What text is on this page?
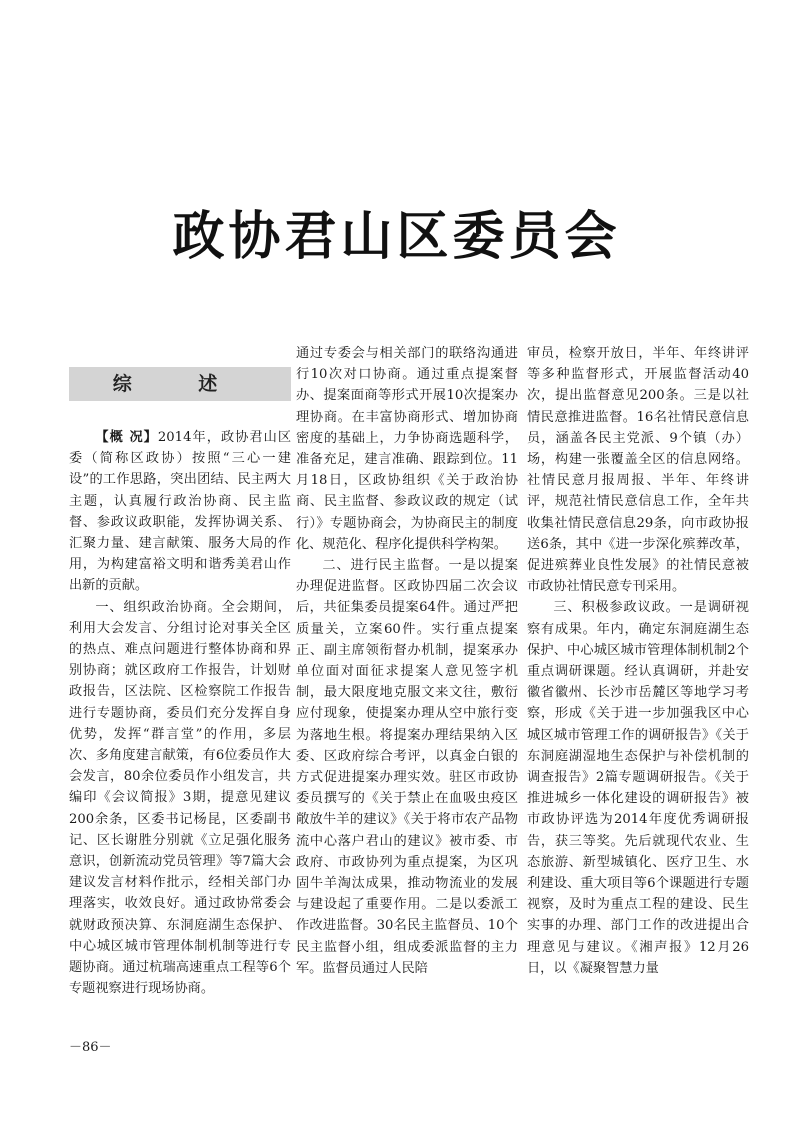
政协君山区委员会
综 述

【概 况】2014年，政协君山区委（简称区政协）按照“三心一建设”的工作思路，突出团结、民主两大主题，认真履行政治协商、民主监督、参政议政职能，发挥协调关系、汇聚力量、建言献策、服务大局的作用，为构建富裕文明和谐秀美君山作出新的贡献。

一、组织政治协商。全会期间，利用大会发言、分组讨论对事关全区的热点、难点问题进行整体协商和界别协商；就区政府工作报告，计划财政报告，区法院、区检察院工作报告进行专题协商，委员们充分发挥自身优势，发挥“群言堂”的作用，多层次、多角度建言献策，有6位委员作大会发言，80余位委员作小组发言，共编印《会议简报》3期，提意见建议200余条，区委书记杨昆，区委副书记、区长谢胜分别就《立足强化服务意识，创新流动党员管理》等7篇大会建议发言材料作批示，经相关部门办理落实，收效良好。通过政协常委会就财政预决算、东洞庭湖生态保护、中心城区城市管理体制机制等进行专题协商。通过杭瑞高速重点工程等6个专题视察进行现场协商。

通过专委会与相关部门的联络沟通进行10次对口协商。通过重点提案督办、提案面商等形式开展10次提案办理协商。在丰富协商形式、增加协商密度的基础上，力争协商选题科学，准备充足，建言准确、跟踪到位。11月18日，区政协组织《关于政治协商、民主监督、参政议政的规定（试行）》专题协商会，为协商民主的制度化、规范化、程序化提供科学构架。

二、进行民主监督。一是以提案办理促进监督。区政协四届二次会议后，共征集委员提案64件。通过严把质量关，立案60件。实行重点提案正、副主席领衔督办机制，提案承办单位面对面征求提案人意见签字机制，最大限度地克服文来文往，敷衍应付现象，使提案办理从空中旅行变为落地生根。将提案办理结果纳入区委、区政府综合考评，以真金白银的方式促进提案办理实效。驻区市政协委员撰写的《关于禁止在血吸虫疫区敞放牛羊的建议》《关于将市农产品物流中心落户君山的建议》被市委、市政府、市政协列为重点提案，为区巩固牛羊淘汰成果，推动物流业的发展与建设起了重要作用。二是以委派工作改进监督。30名民主监督员、10个民主监督小组，组成委派监督的主力军。监督员通过人民陪

审员，检察开放日，半年、年终讲评等多种监督形式，开展监督活动40次，提出监督意见200条。三是以社情民意推进监督。16名社情民意信息员，涵盖各民主党派、9个镇（办）场，构建一张覆盖全区的信息网络。社情民意月报周报、半年、年终讲评，规范社情民意信息工作，全年共收集社情民意信息29条，向市政协报送6条，其中《进一步深化殡葬改革，促进殡葬业良性发展》的社情民意被市政协社情民意专刊采用。

三、积极参政议政。一是调研视察有成果。年内，确定东洞庭湖生态保护、中心城区城市管理体制机制2个重点调研课题。经认真调研，并赴安徽省徽州、长沙市岳麓区等地学习考察，形成《关于进一步加强我区中心城区城市管理工作的调研报告》《关于东洞庭湖湿地生态保护与补偿机制的调查报告》2篇专题调研报告。《关于推进城乡一体化建设的调研报告》被市政协评选为2014年度优秀调研报告，获三等奖。先后就现代农业、生态旅游、新型城镇化、医疗卫生、水利建设、重大项目等6个课题进行专题视察，及时为重点工程的建设、民生实事的办理、部门工作的改进提出合理意见与建议。《湘声报》12月26日，以《凝聚智慧力量

－86－
